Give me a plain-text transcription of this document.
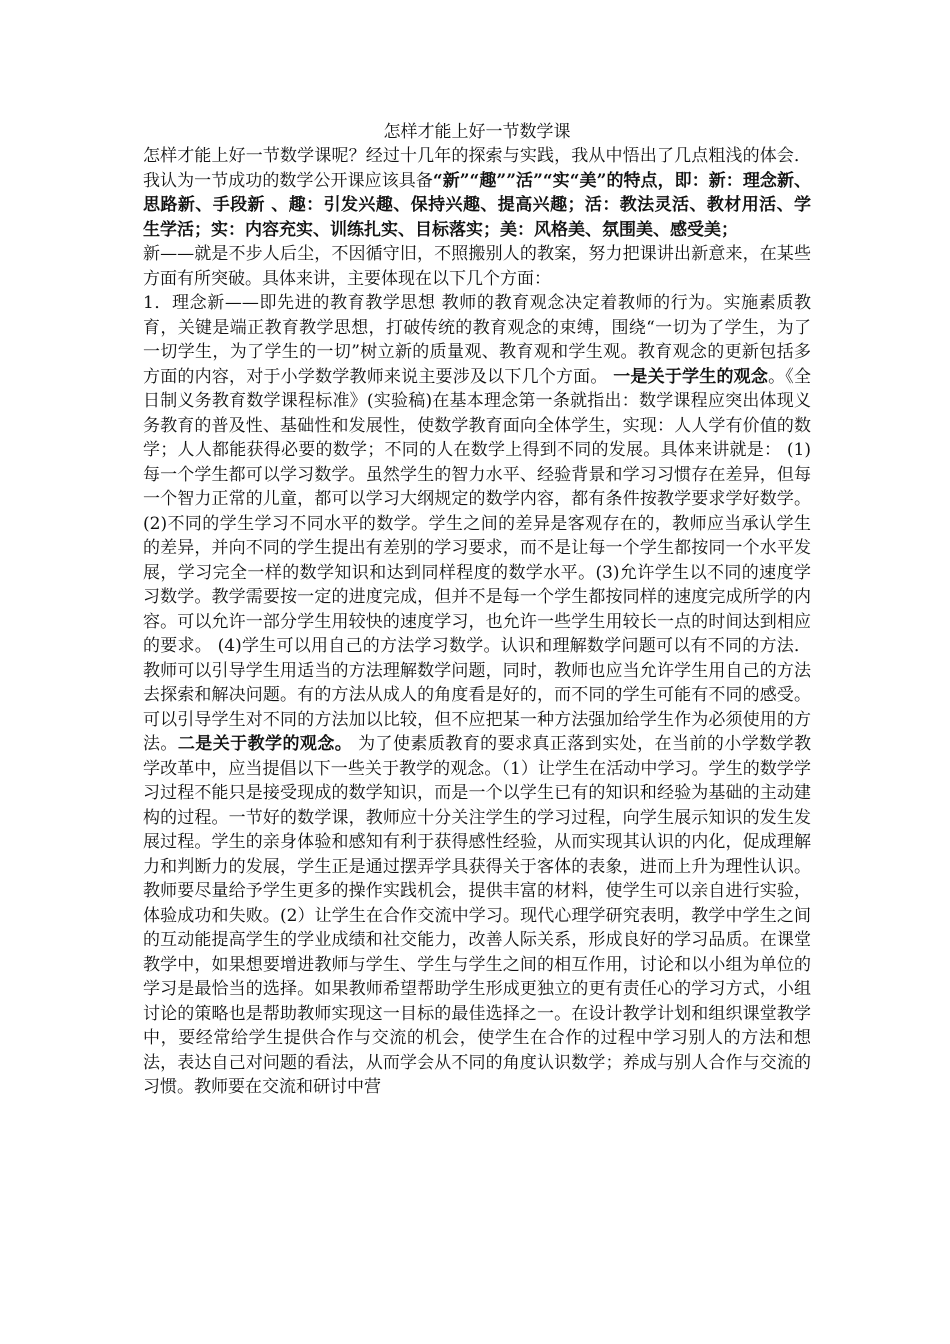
怎样才能上好一节数学课

怎样才能上好一节数学课呢？经过十几年的探索与实践，我从中悟出了几点粗浅的体会．我认为一节成功的数学公开课应该具备“新”“趣””活”“实“美”的特点，即：新：理念新、思路新、手段新 、趣：引发兴趣、保持兴趣、提高兴趣；活：教法灵活、教材用活、学生学活；实：内容充实、训练扎实、目标落实；美：风格美、氛围美、感受美；

新——就是不步人后尘，不因循守旧，不照搬别人的教案，努力把课讲出新意来，在某些方面有所突破。具体来讲，主要体现在以下几个方面：

1．理念新——即先进的教育教学思想 教师的教育观念决定着教师的行为。实施素质教育，关键是端正教育教学思想，打破传统的教育观念的束缚，围绕“一切为了学生，为了一切学生，为了学生的一切”树立新的质量观、教育观和学生观。教育观念的更新包括多方面的内容，对于小学数学教师来说主要涉及以下几个方面。 一是关于学生的观念。《全日制义务教育数学课程标准》(实验稿)在基本理念第一条就指出：数学课程应突出体现义务教育的普及性、基础性和发展性，使数学教育面向全体学生，实现：人人学有价值的数学；人人都能获得必要的数学；不同的人在数学上得到不同的发展。具体来讲就是： (1)每一个学生都可以学习数学。虽然学生的智力水平、经验背景和学习习惯存在差异，但每一个智力正常的儿童，都可以学习大纲规定的数学内容，都有条件按教学要求学好数学。(2)不同的学生学习不同水平的数学。学生之间的差异是客观存在的，教师应当承认学生的差异，并向不同的学生提出有差别的学习要求，而不是让每一个学生都按同一个水平发展，学习完全一样的数学知识和达到同样程度的数学水平。(3)允许学生以不同的速度学习数学。教学需要按一定的进度完成，但并不是每一个学生都按同样的速度完成所学的内容。可以允许一部分学生用较快的速度学习，也允许一些学生用较长一点的时间达到相应的要求。 (4)学生可以用自己的方法学习数学。认识和理解数学问题可以有不同的方法．教师可以引导学生用适当的方法理解数学问题，同时，教师也应当允许学生用自己的方法去探索和解决问题。有的方法从成人的角度看是好的，而不同的学生可能有不同的感受。可以引导学生对不同的方法加以比较，但不应把某一种方法强加给学生作为必须使用的方法。二是关于教学的观念。 为了使素质教育的要求真正落到实处，在当前的小学数学教学改革中，应当提倡以下一些关于教学的观念。（1）让学生在活动中学习。学生的数学学习过程不能只是接受现成的数学知识，而是一个以学生已有的知识和经验为基础的主动建构的过程。一节好的数学课，教师应十分关注学生的学习过程，向学生展示知识的发生发展过程。学生的亲身体验和感知有利于获得感性经验，从而实现其认识的内化，促成理解力和判断力的发展，学生正是通过摆弄学具获得关于客体的表象，进而上升为理性认识。教师要尽量给予学生更多的操作实践机会，提供丰富的材料，使学生可以亲自进行实验，体验成功和失败。(2）让学生在合作交流中学习。现代心理学研究表明，教学中学生之间的互动能提高学生的学业成绩和社交能力，改善人际关系，形成良好的学习品质。在课堂教学中，如果想要增进教师与学生、学生与学生之间的相互作用，讨论和以小组为单位的学习是最恰当的选择。如果教师希望帮助学生形成更独立的更有责任心的学习方式，小组讨论的策略也是帮助教师实现这一目标的最佳选择之一。在设计教学计划和组织课堂教学中，要经常给学生提供合作与交流的机会，使学生在合作的过程中学习别人的方法和想法，表达自己对问题的看法，从而学会从不同的角度认识数学；养成与别人合作与交流的习惯。教师要在交流和研讨中营
